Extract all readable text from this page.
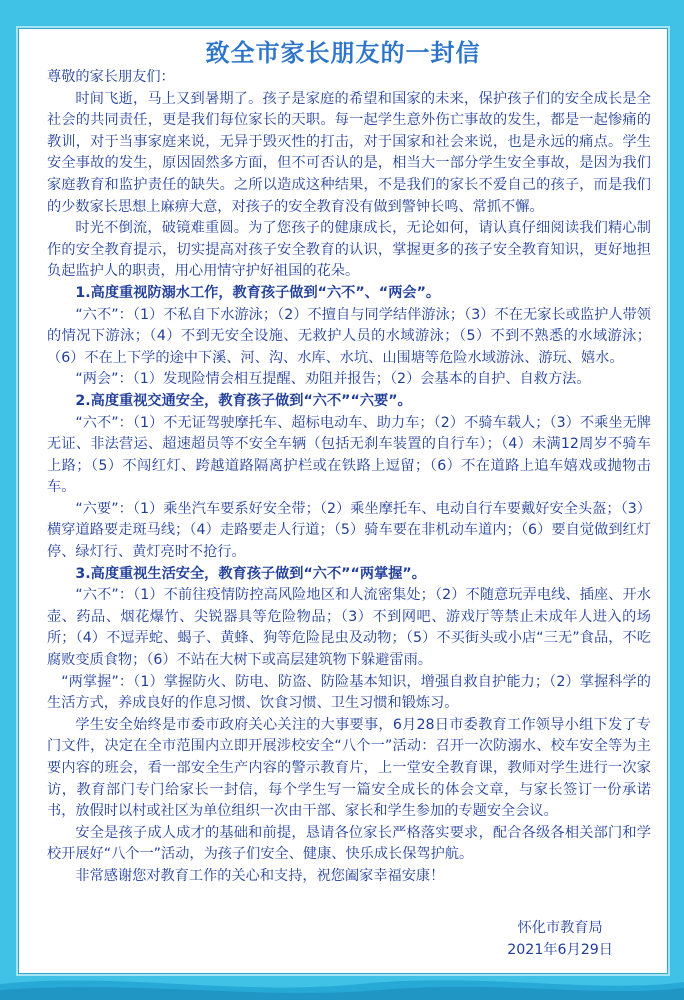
致全市家长朋友的一封信

尊敬的家长朋友们：

时间飞逝，马上又到暑期了。孩子是家庭的希望和国家的未来，保护孩子们的安全成长是全社会的共同责任，更是我们每位家长的天职。每一起学生意外伤亡事故的发生，都是一起惨痛的教训，对于当事家庭来说，无异于毁灭性的打击，对于国家和社会来说，也是永远的痛点。学生安全事故的发生，原因固然多方面，但不可否认的是，相当大一部分学生安全事故，是因为我们家庭教育和监护责任的缺失。之所以造成这种结果，不是我们的家长不爱自己的孩子，而是我们的少数家长思想上麻痹大意，对孩子的安全教育没有做到警钟长鸣、常抓不懈。

时光不倒流，破镜难重圆。为了您孩子的健康成长，无论如何，请认真仔细阅读我们精心制作的安全教育提示，切实提高对孩子安全教育的认识，掌握更多的孩子安全教育知识，更好地担负起监护人的职责，用心用情守护好祖国的花朵。

1.高度重视防溺水工作，教育孩子做到“六不”、“两会”。

“六不”：（1）不私自下水游泳；（2）不擅自与同学结伴游泳；（3）不在无家长或监护人带领的情况下游泳；（4）不到无安全设施、无救护人员的水域游泳；（5）不到不熟悉的水域游泳；（6）不在上下学的途中下溪、河、沟、水库、水坑、山围塘等危险水域游泳、游玩、嬉水。

“两会”：（1）发现险情会相互提醒、劝阻并报告；（2）会基本的自护、自救方法。

2.高度重视交通安全，教育孩子做到“六不”“六要”。

“六不”：（1）不无证驾驶摩托车、超标电动车、助力车；（2）不骑车载人；（3）不乘坐无牌无证、非法营运、超速超员等不安全车辆（包括无刹车装置的自行车）；（4）未满12周岁不骑车上路；（5）不闯红灯、跨越道路隔离护栏或在铁路上逗留；（6）不在道路上追车嬉戏或抛物击车。

“六要”：（1）乘坐汽车要系好安全带；（2）乘坐摩托车、电动自行车要戴好安全头盔；（3）横穿道路要走斑马线；（4）走路要走人行道；（5）骑车要在非机动车道内；（6）要自觉做到红灯停、绿灯行、黄灯亮时不抢行。

3.高度重视生活安全，教育孩子做到“六不”“两掌握”。

“六不”：（1）不前往疫情防控高风险地区和人流密集处；（2）不随意玩弄电线、插座、开水壶、药品、烟花爆竹、尖锐器具等危险物品；（3）不到网吧、游戏厅等禁止未成年人进入的场所；（4）不逗弄蛇、蝎子、黄蜂、狗等危险昆虫及动物；（5）不买街头或小店“三无”食品，不吃腐败变质食物；（6）不站在大树下或高层建筑物下躲避雷雨。

“两掌握”：（1）掌握防火、防电、防盗、防险基本知识，增强自救自护能力；（2）掌握科学的生活方式，养成良好的作息习惯、饮食习惯、卫生习惯和锻炼习。

学生安全始终是市委市政府关心关注的大事要事，6月28日市委教育工作领导小组下发了专门文件，决定在全市范围内立即开展涉校安全“八个一”活动：召开一次防溺水、校车安全等为主要内容的班会，看一部安全生产内容的警示教育片，上一堂安全教育课，教师对学生进行一次家访，教育部门专门给家长一封信，每个学生写一篇安全成长的体会文章，与家长签订一份承诺书，放假时以村或社区为单位组织一次由干部、家长和学生参加的专题安全会议。

安全是孩子成人成才的基础和前提，恳请各位家长严格落实要求，配合各级各相关部门和学校开展好“八个一”活动，为孩子们安全、健康、快乐成长保驾护航。

非常感谢您对教育工作的关心和支持，祝您阖家幸福安康！

怀化市教育局
2021年6月29日
